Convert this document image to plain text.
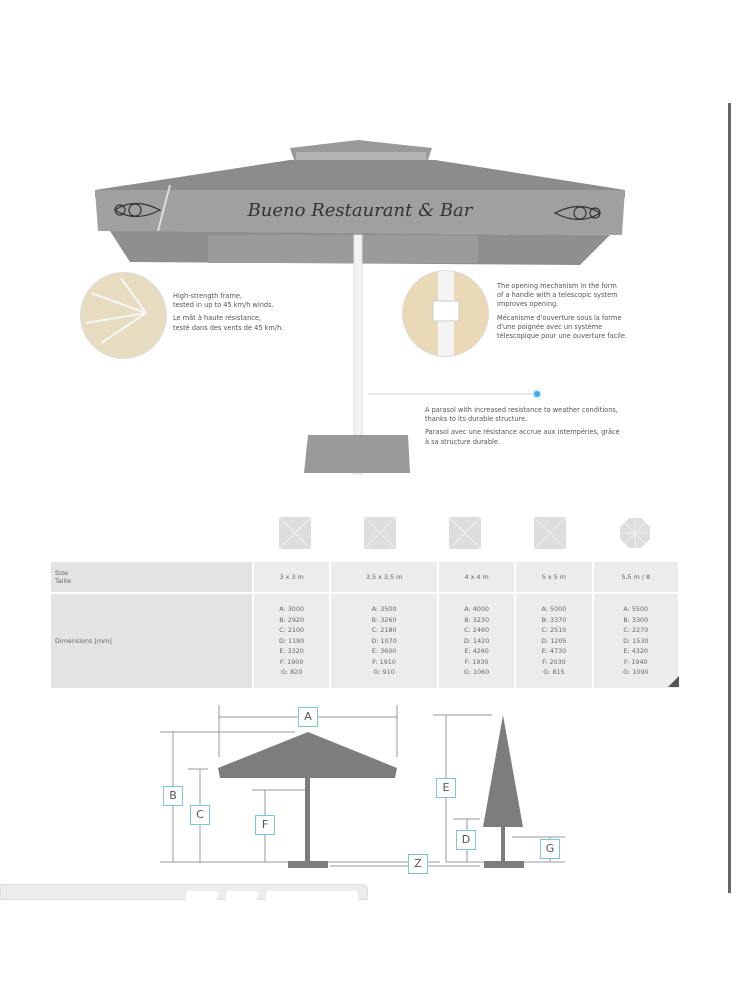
Bueno Restaurant & Bar

High-strength frame,
tested in up to 45 km/h winds.

Le mât à haute résistance,
testé dans des vents de 45 km/h.

The opening mechanism in the form
of a handle with a telescopic system
improves opening.

Mécanisme d'ouverture sous la forme
d'une poignée avec un système
télescopique pour une ouverture facile.

A parasol with increased resistance to weather conditions,
thanks to its durable structure.

Parasol avec une résistance accrue aux intempéries, grâce
à sa structure durable.

Size
Taille	3 x 3 m	3,5 x 3,5 m	4 x 4 m	5 x 5 m	5,5 m / 8
Dimensions [mm]	
A: 3000
B: 2920
C: 2100
D: 1180
E: 3320
F: 1900
G: 820

A: 3500
B: 3260
C: 2180
D: 1070
E: 3600
F: 1910
G: 910

A: 4000
B: 3230
C: 2460
D: 1420
E: 4260
F: 1930
G: 1060

A: 5000
B: 3370
C: 2510
D: 1205
E: 4730
F: 2030
G: 815

A: 5500
B: 3300
C: 2270
D: 1530
E: 4320
F: 1940
G: 1090
A
B
C
F
Z
E
D
G
